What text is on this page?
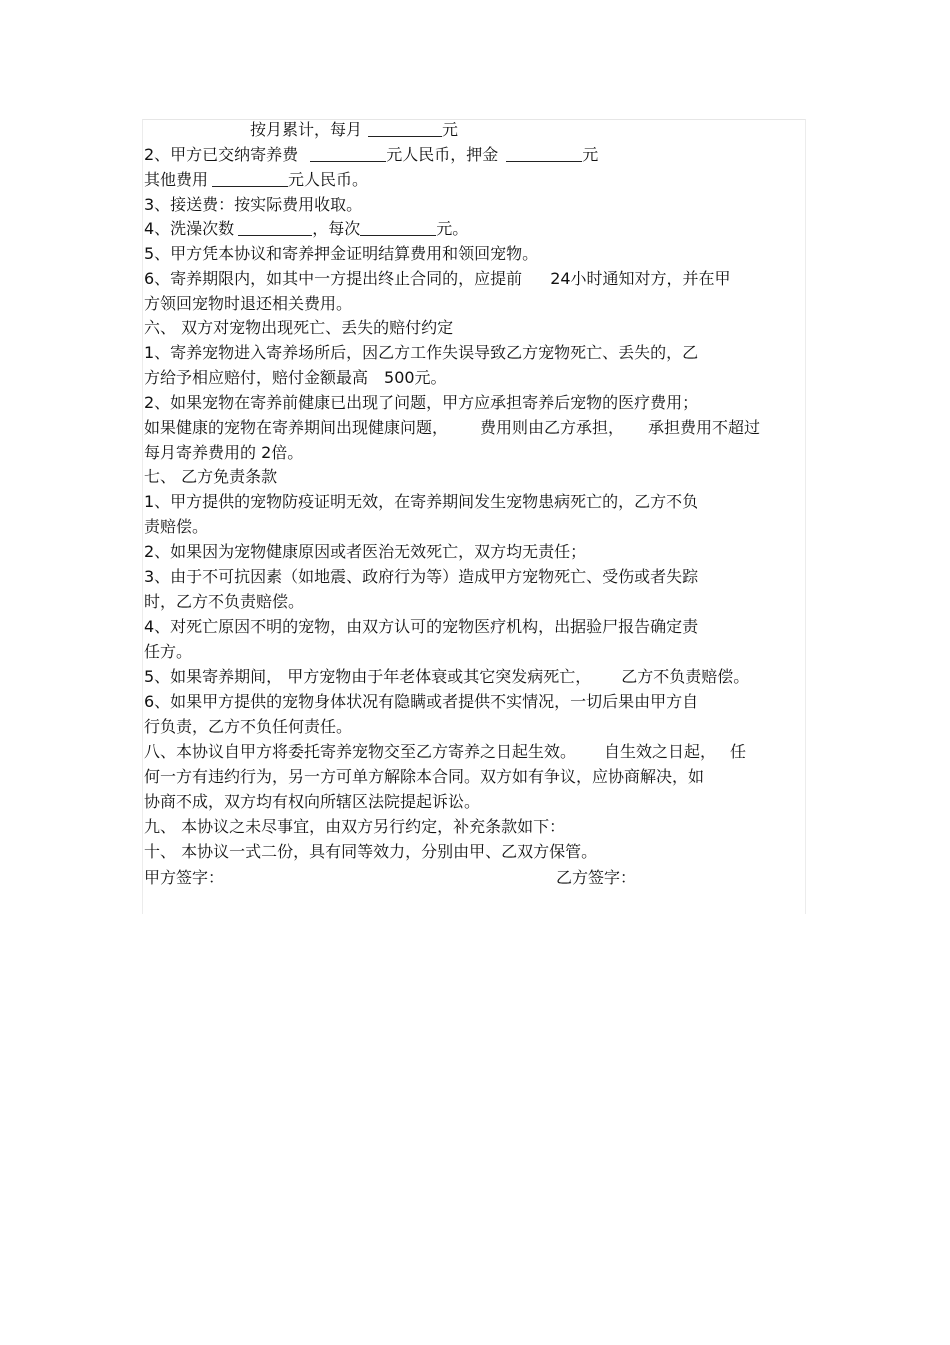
按月累计，每月	元
2、甲方已交纳寄养费	元人民币，押金	元
其他费用	元人民币。
3、接送费：按实际费用收取。
4、洗澡次数	，每次	元。
5、甲方凭本协议和寄养押金证明结算费用和领回宠物。
6、寄养期限内，如其中一方提出终止合同的，应提前 24小时通知对方，并在甲
方领回宠物时退还相关费用。
六、 双方对宠物出现死亡、丢失的赔付约定
1、寄养宠物进入寄养场所后，因乙方工作失误导致乙方宠物死亡、丢失的，乙
方给予相应赔付，赔付金额最高 500元。
2、如果宠物在寄养前健康已出现了问题，甲方应承担寄养后宠物的医疗费用；
如果健康的宠物在寄养期间出现健康问题， 费用则由乙方承担， 承担费用不超过
每月寄养费用的 2倍。
七、 乙方免责条款
1、甲方提供的宠物防疫证明无效，在寄养期间发生宠物患病死亡的，乙方不负
责赔偿。
2、如果因为宠物健康原因或者医治无效死亡，双方均无责任；
3、由于不可抗因素（如地震、政府行为等）造成甲方宠物死亡、受伤或者失踪
时，乙方不负责赔偿。
4、对死亡原因不明的宠物，由双方认可的宠物医疗机构，出据验尸报告确定责
任方。
5、如果寄养期间， 甲方宠物由于年老体衰或其它突发病死亡， 乙方不负责赔偿。
6、如果甲方提供的宠物身体状况有隐瞒或者提供不实情况，一切后果由甲方自
行负责，乙方不负任何责任。
八、本协议自甲方将委托寄养宠物交至乙方寄养之日起生效。 自生效之日起， 任
何一方有违约行为，另一方可单方解除本合同。双方如有争议，应协商解决，如
协商不成，双方均有权向所辖区法院提起诉讼。
九、 本协议之未尽事宜，由双方另行约定，补充条款如下：
十、 本协议一式二份，具有同等效力，分别由甲、乙双方保管。
甲方签字：	乙方签字：
